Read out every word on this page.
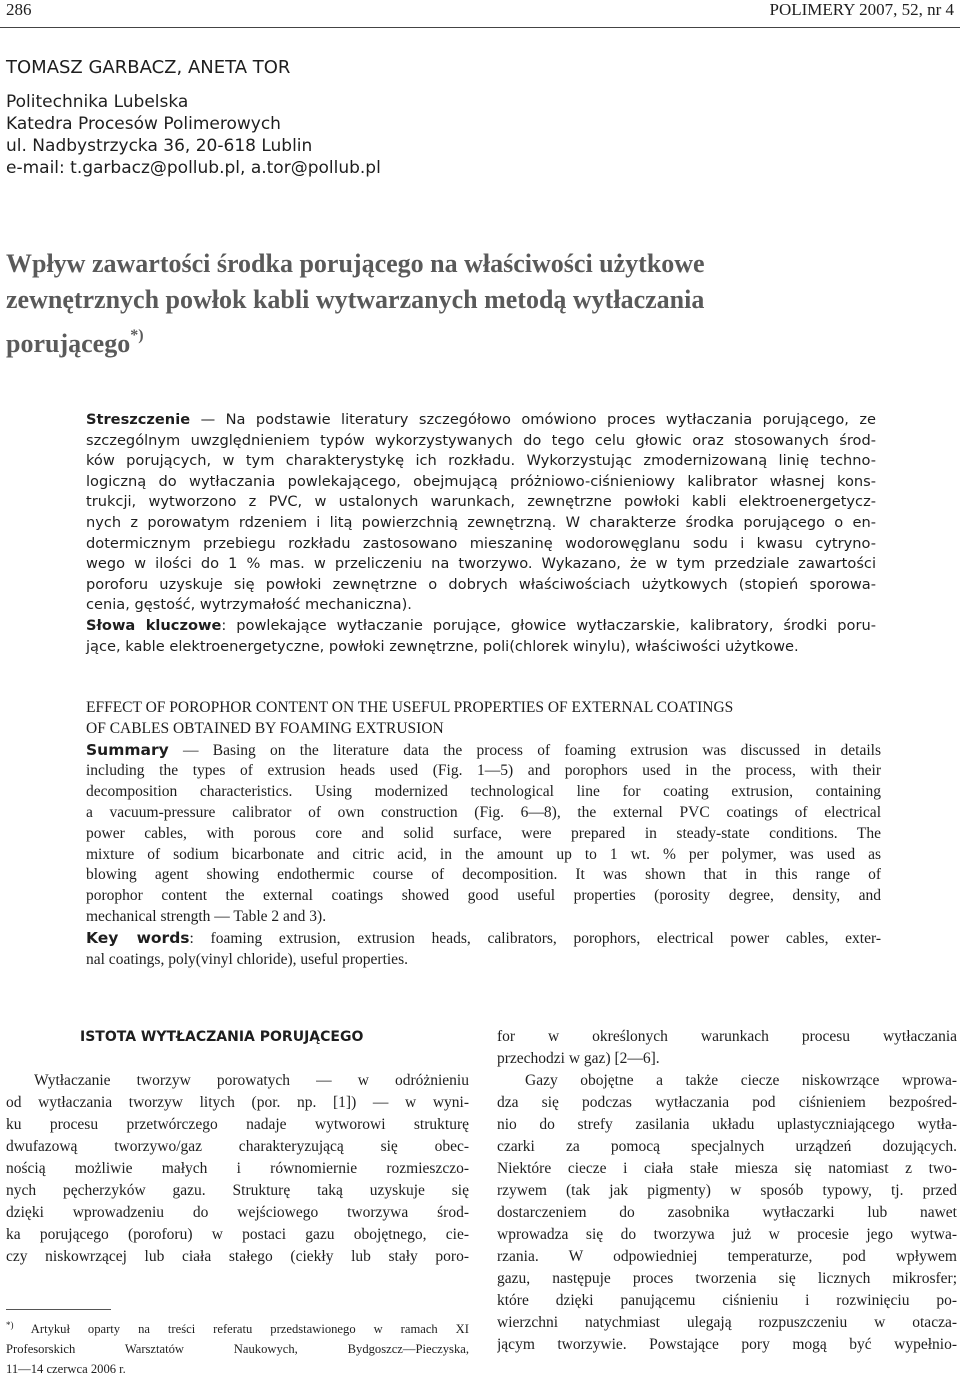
286	POLIMERY 2007, 52, nr 4
TOMASZ GARBACZ, ANETA TOR
Politechnika Lubelska
Katedra Procesów Polimerowych
ul. Nadbystrzycka 36, 20-618 Lublin
e-mail: t.garbacz@pollub.pl, a.tor@pollub.pl
Wpływ zawartości środka porującego na właściwości użytkowe
zewnętrznych powłok kabli wytwarzanych metodą wytłaczania
porującego*)
Streszczenie — Na podstawie literatury szczegółowo omówiono proces wytłaczania porującego, ze
szczególnym uwzględnieniem typów wykorzystywanych do tego celu głowic oraz stosowanych środ-
ków porujących, w tym charakterystykę ich rozkładu. Wykorzystując zmodernizowaną linię techno-
logiczną do wytłaczania powlekającego, obejmującą próżniowo-ciśnieniowy kalibrator własnej kons-
trukcji, wytworzono z PVC, w ustalonych warunkach, zewnętrzne powłoki kabli elektroenergetycz-
nych z porowatym rdzeniem i litą powierzchnią zewnętrzną. W charakterze środka porującego o en-
dotermicznym przebiegu rozkładu zastosowano mieszaninę wodorowęglanu sodu i kwasu cytryno-
wego w ilości do 1 % mas. w przeliczeniu na tworzywo. Wykazano, że w tym przedziale zawartości
poroforu uzyskuje się powłoki zewnętrzne o dobrych właściwościach użytkowych (stopień sporowa-
cenia, gęstość, wytrzymałość mechaniczna).
Słowa kluczowe: powlekające wytłaczanie porujące, głowice wytłaczarskie, kalibratory, środki poru-
jące, kable elektroenergetyczne, powłoki zewnętrzne, poli(chlorek winylu), właściwości użytkowe.
EFFECT OF POROPHOR CONTENT ON THE USEFUL PROPERTIES OF EXTERNAL COATINGS
OF CABLES OBTAINED BY FOAMING EXTRUSION
Summary — Basing on the literature data the process of foaming extrusion was discussed in details
including the types of extrusion heads used (Fig. 1—5) and porophors used in the process, with their
decomposition characteristics. Using modernized technological line for coating extrusion, containing
a vacuum-pressure calibrator of own construction (Fig. 6—8), the external PVC coatings of electrical
power cables, with porous core and solid surface, were prepared in steady-state conditions. The
mixture of sodium bicarbonate and citric acid, in the amount up to 1 wt. % per polymer, was used as
blowing agent showing endothermic course of decomposition. It was shown that in this range of
porophor content the external coatings showed good useful properties (porosity degree, density, and
mechanical strength — Table 2 and 3).
Key words: foaming extrusion, extrusion heads, calibrators, porophors, electrical power cables, exter-
nal coatings, poly(vinyl chloride), useful properties.
ISTOTA WYTŁACZANIA PORUJĄCEGO
Wytłaczanie tworzyw porowatych — w odróżnieniu
od wytłaczania tworzyw litych (por. np. [1]) — w wyni-
ku procesu przetwórczego nadaje wytworowi strukturę
dwufazową tworzywo/gaz charakteryzującą się obec-
nością możliwie małych i równomiernie rozmieszczo-
nych pęcherzyków gazu. Strukturę taką uzyskuje się
dzięki wprowadzeniu do wejściowego tworzywa środ-
ka porującego (poroforu) w postaci gazu obojętnego, cie-
czy niskowrzącej lub ciała stałego (ciekły lub stały poro-
for w określonych warunkach procesu wytłaczania
przechodzi w gaz) [2—6].
Gazy obojętne a także ciecze niskowrzące wprowa-
dza się podczas wytłaczania pod ciśnieniem bezpośred-
nio do strefy zasilania układu uplastyczniającego wytła-
czarki za pomocą specjalnych urządzeń dozujących.
Niektóre ciecze i ciała stałe miesza się natomiast z two-
rzywem (tak jak pigmenty) w sposób typowy, tj. przed
dostarczeniem do zasobnika wytłaczarki lub nawet
wprowadza się do tworzywa już w procesie jego wytwa-
rzania. W odpowiedniej temperaturze, pod wpływem
gazu, następuje proces tworzenia się licznych mikrosfer;
które dzięki panującemu ciśnieniu i rozwinięciu po-
wierzchni natychmiast ulegają rozpuszczeniu w otacza-
jącym tworzywie. Powstające pory mogą być wypełnio-
*) Artykuł oparty na treści referatu przedstawionego w ramach XI
Profesorskich Warsztatów Naukowych, Bydgoszcz—Pieczyska,
11—14 czerwca 2006 r.
